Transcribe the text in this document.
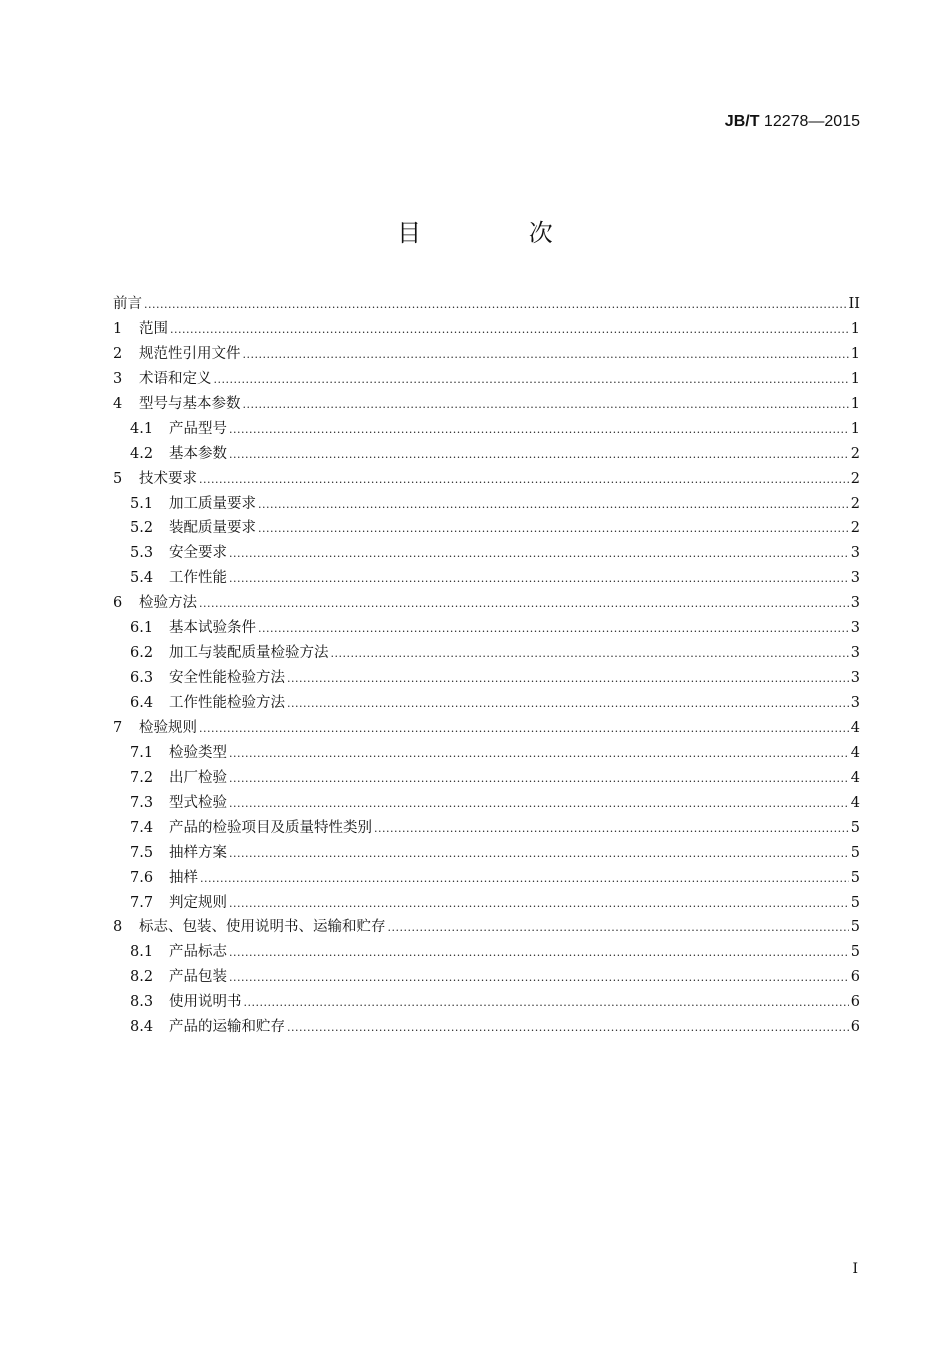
JB/T 12278—2015
目 次
前言 .....	II
1	范围 .....	1
2	规范性引用文件 .....	1
3	术语和定义 .....	1
4	型号与基本参数 .....	1
4.1	产品型号 .....	1
4.2	基本参数 .....	2
5	技术要求 .....	2
5.1	加工质量要求 .....	2
5.2	装配质量要求 .....	2
5.3	安全要求 .....	3
5.4	工作性能 .....	3
6	检验方法 .....	3
6.1	基本试验条件 .....	3
6.2	加工与装配质量检验方法 .....	3
6.3	安全性能检验方法 .....	3
6.4	工作性能检验方法 .....	3
7	检验规则 .....	4
7.1	检验类型 .....	4
7.2	出厂检验 .....	4
7.3	型式检验 .....	4
7.4	产品的检验项目及质量特性类别 .....	5
7.5	抽样方案 .....	5
7.6	抽样 .....	5
7.7	判定规则 .....	5
8	标志、包装、使用说明书、运输和贮存 .....	5
8.1	产品标志 .....	5
8.2	产品包装 .....	6
8.3	使用说明书 .....	6
8.4	产品的运输和贮存 .....	6
I
